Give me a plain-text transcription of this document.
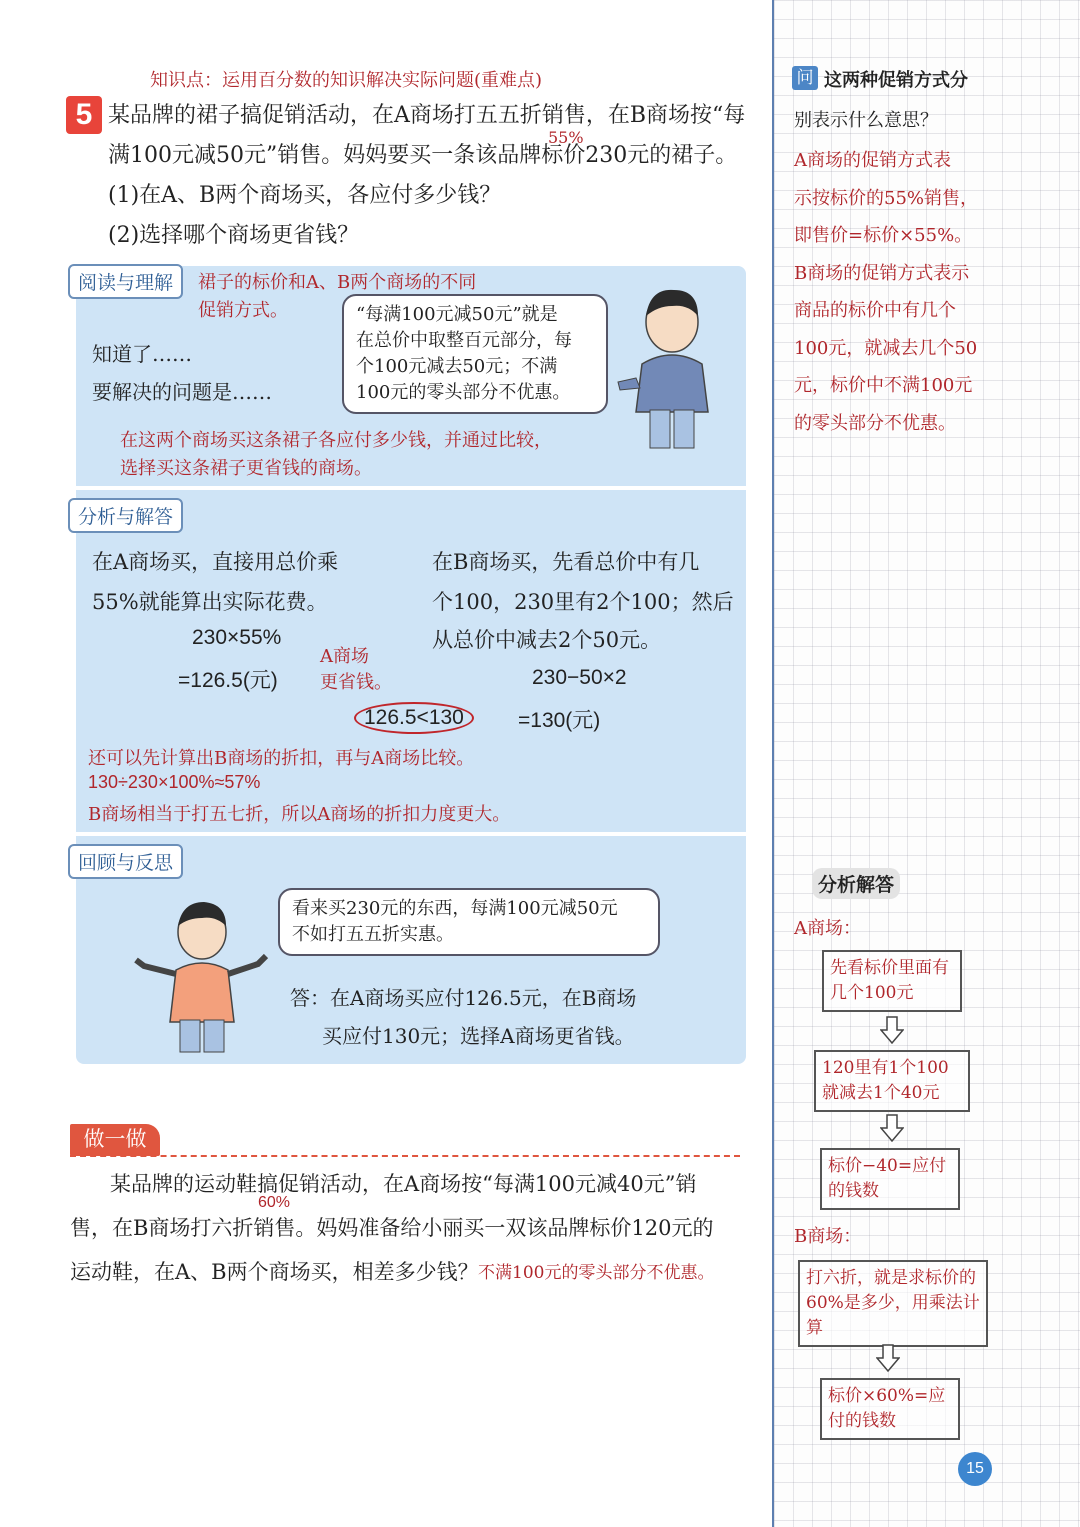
知识点：运用百分数的知识解决实际问题(重难点)
5 某品牌的裙子搞促销活动，在A商场打五五折销售，在B商场按“每
满100元减50元”销售。妈妈要买一条该品牌标价230元的裙子。
(1)在A、B两个商场买，各应付多少钱？
(2)选择哪个商场更省钱？
55%
阅读与理解	裙子的标价和A、B两个商场的不同
促销方式。
知道了……
要解决的问题是……
“每满100元减50元”就是
在总价中取整百元部分，每
个100元减去50元；不满
100元的零头部分不优惠。
在这两个商场买这条裙子各应付多少钱，并通过比较，
选择买这条裙子更省钱的商场。
分析与解答
在A商场买，直接用总价乘
55%就能算出实际花费。
230×55%
=126.5(元)
A商场
更省钱。
126.5<130
在B商场买，先看总价中有几
个100，230里有2个100；然后
从总价中减去2个50元。
230−50×2
=130(元)
还可以先计算出B商场的折扣，再与A商场比较。
130÷230×100%≈57%
B商场相当于打五七折，所以A商场的折扣力度更大。
回顾与反思
看来买230元的东西，每满100元减50元
不如打五五折实惠。
答：在A商场买应付126.5元，在B商场
买应付130元；选择A商场更省钱。
做一做
60%
某品牌的运动鞋搞促销活动，在A商场按“每满100元减40元”销
售，在B商场打六折销售。妈妈准备给小丽买一双该品牌标价120元的
运动鞋，在A、B两个商场买，相差多少钱？ 不满100元的零头部分不优惠。
问 这两种促销方式分
别表示什么意思？
A商场的促销方式表
示按标价的55%销售，
即售价=标价×55%。
B商场的促销方式表示
商品的标价中有几个
100元，就减去几个50
元，标价中不满100元
的零头部分不优惠。
分析解答
A商场：
先看标价里面有几个100元
120里有1个100就减去1个40元
标价−40=应付的钱数
B商场：
打六折，就是求标价的60%是多少，用乘法计算
标价×60%=应付的钱数
15
